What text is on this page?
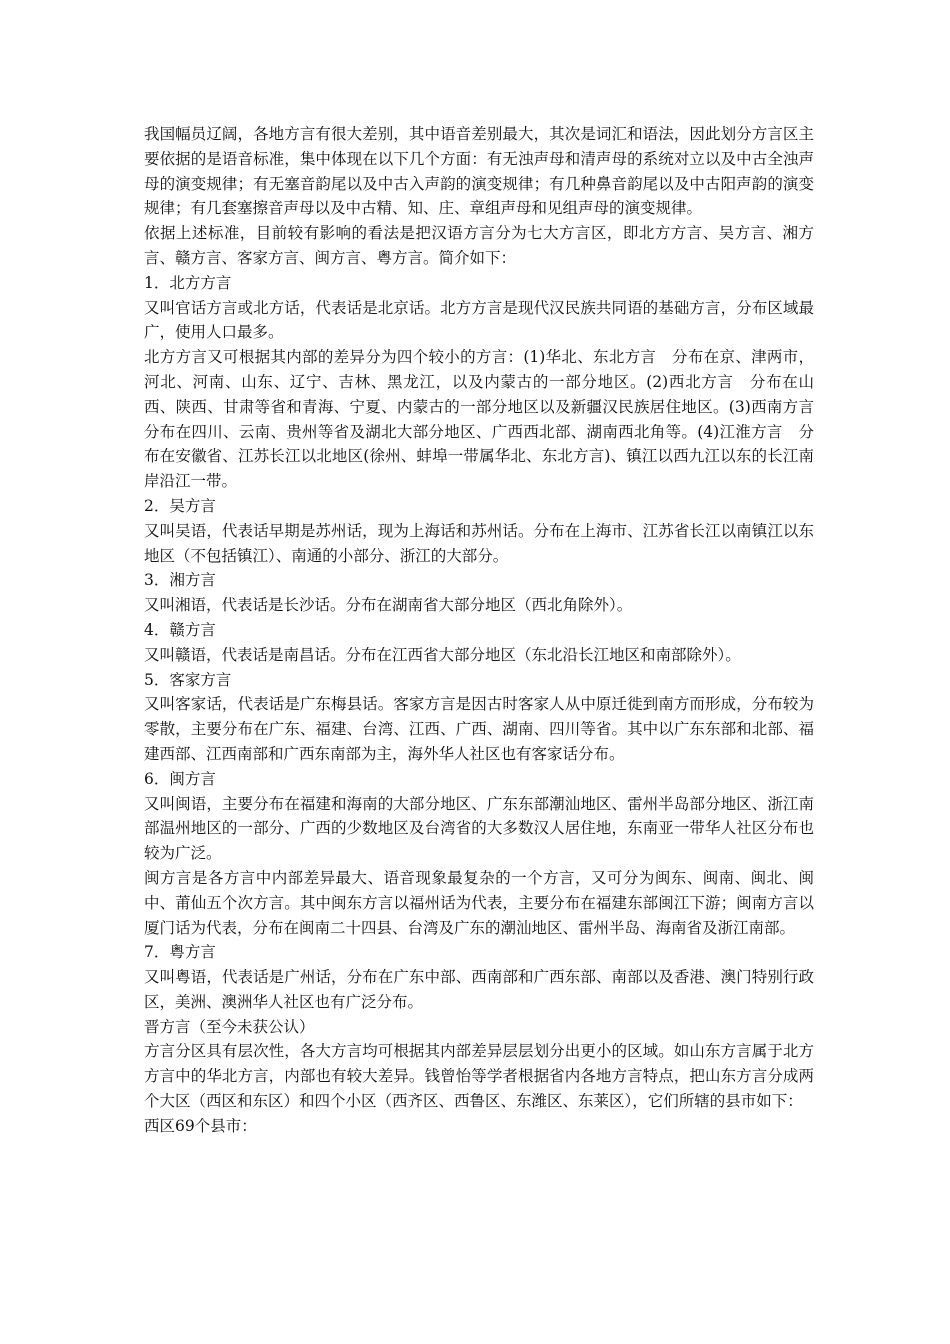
我国幅员辽阔，各地方言有很大差别，其中语音差别最大，其次是词汇和语法，因此划分方言区主要依据的是语音标准，集中体现在以下几个方面：有无浊声母和清声母的系统对立以及中古全浊声母的演变规律；有无塞音韵尾以及中古入声韵的演变规律；有几种鼻音韵尾以及中古阳声韵的演变规律；有几套塞擦音声母以及中古精、知、庄、章组声母和见组声母的演变规律。

依据上述标准，目前较有影响的看法是把汉语方言分为七大方言区，即北方方言、吴方言、湘方言、赣方言、客家方言、闽方言、粤方言。简介如下：

1．北方方言

又叫官话方言或北方话，代表话是北京话。北方方言是现代汉民族共同语的基础方言，分布区域最广，使用人口最多。

北方方言又可根据其内部的差异分为四个较小的方言：(1)华北、东北方言　分布在京、津两市，河北、河南、山东、辽宁、吉林、黑龙江，以及内蒙古的一部分地区。(2)西北方言　分布在山西、陕西、甘肃等省和青海、宁夏、内蒙古的一部分地区以及新疆汉民族居住地区。(3)西南方言　分布在四川、云南、贵州等省及湖北大部分地区、广西西北部、湖南西北角等。(4)江淮方言　分布在安徽省、江苏长江以北地区(徐州、蚌埠一带属华北、东北方言)、镇江以西九江以东的长江南岸沿江一带。

2．吴方言

又叫吴语，代表话早期是苏州话，现为上海话和苏州话。分布在上海市、江苏省长江以南镇江以东地区（不包括镇江）、南通的小部分、浙江的大部分。

3．湘方言

又叫湘语，代表话是长沙话。分布在湖南省大部分地区（西北角除外）。

4．赣方言

又叫赣语，代表话是南昌话。分布在江西省大部分地区（东北沿长江地区和南部除外）。

5．客家方言

又叫客家话，代表话是广东梅县话。客家方言是因古时客家人从中原迁徙到南方而形成，分布较为零散，主要分布在广东、福建、台湾、江西、广西、湖南、四川等省。其中以广东东部和北部、福建西部、江西南部和广西东南部为主，海外华人社区也有客家话分布。

6．闽方言

又叫闽语，主要分布在福建和海南的大部分地区、广东东部潮汕地区、雷州半岛部分地区、浙江南部温州地区的一部分、广西的少数地区及台湾省的大多数汉人居住地，东南亚一带华人社区分布也较为广泛。

闽方言是各方言中内部差异最大、语音现象最复杂的一个方言，又可分为闽东、闽南、闽北、闽中、莆仙五个次方言。其中闽东方言以福州话为代表，主要分布在福建东部闽江下游；闽南方言以厦门话为代表，分布在闽南二十四县、台湾及广东的潮汕地区、雷州半岛、海南省及浙江南部。

7．粤方言

又叫粤语，代表话是广州话，分布在广东中部、西南部和广西东部、南部以及香港、澳门特别行政区，美洲、澳洲华人社区也有广泛分布。

晋方言（至今未获公认）

方言分区具有层次性，各大方言均可根据其内部差异层层划分出更小的区域。如山东方言属于北方方言中的华北方言，内部也有较大差异。钱曾怡等学者根据省内各地方言特点，把山东方言分成两个大区（西区和东区）和四个小区（西齐区、西鲁区、东潍区、东莱区），它们所辖的县市如下：

西区69个县市：
